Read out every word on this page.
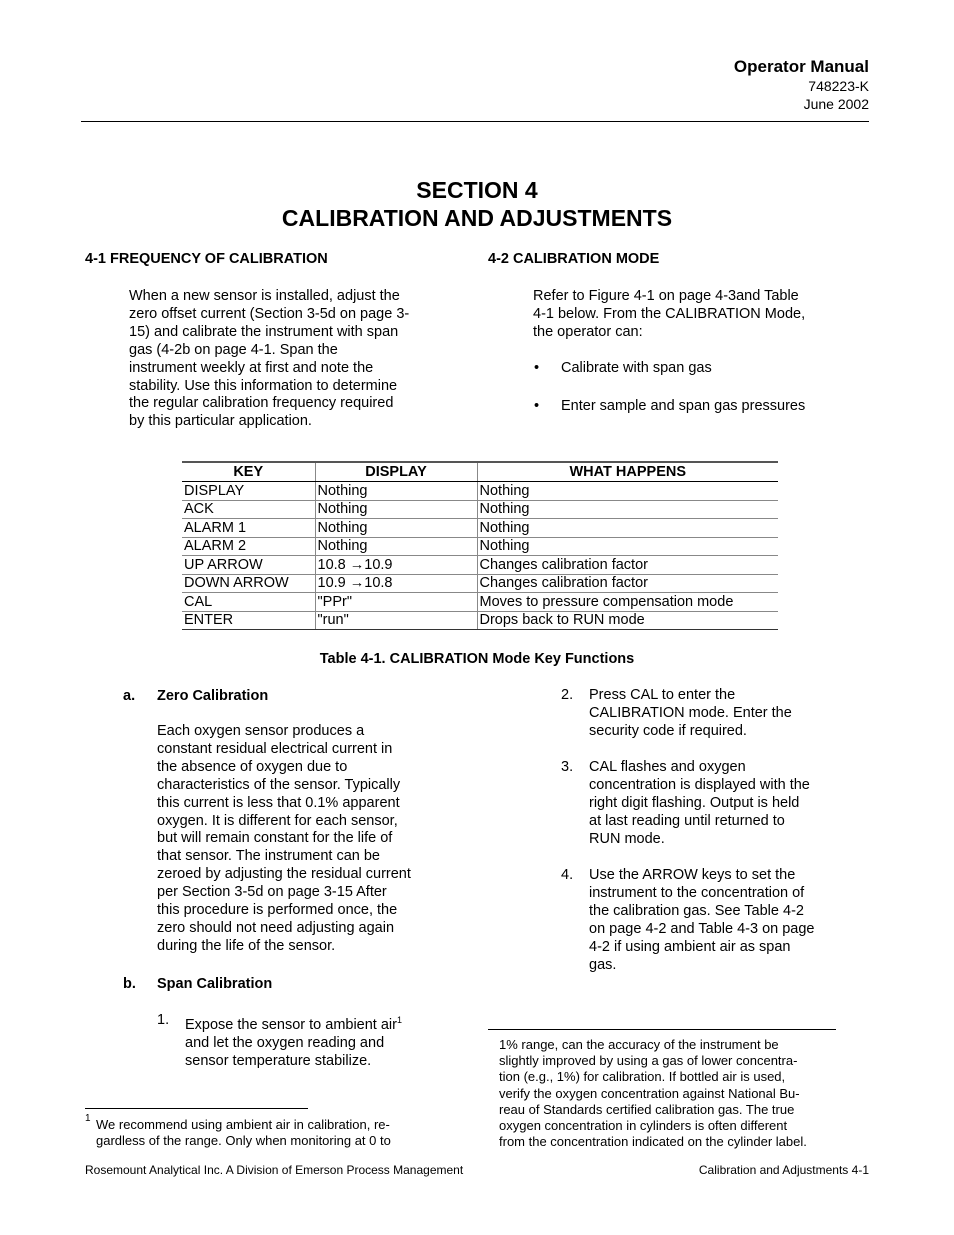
Operator Manual
748223-K
June 2002
SECTION 4
CALIBRATION AND ADJUSTMENTS
4-1 FREQUENCY OF CALIBRATION
When a new sensor is installed, adjust the
zero offset current (Section 3-5d on page 3-
15) and calibrate the instrument with span
gas (4-2b on page 4-1. Span the
instrument weekly at first and note the
stability. Use this information to determine
the regular calibration frequency required
by this particular application.
4-2 CALIBRATION MODE
Refer to Figure 4-1 on page 4-3and Table
4-1 below. From the CALIBRATION Mode,
the operator can:
• Calibrate with span gas
• Enter sample and span gas pressures
KEY	DISPLAY	WHAT HAPPENS
DISPLAY	Nothing	Nothing
ACK	Nothing	Nothing
ALARM 1	Nothing	Nothing
ALARM 2	Nothing	Nothing
UP ARROW	10.8 →10.9	Changes calibration factor
DOWN ARROW	10.9 →10.8	Changes calibration factor
CAL	"PPr"	Moves to pressure compensation mode
ENTER	"run"	Drops back to RUN mode
Table 4-1. CALIBRATION Mode Key Functions
a. Zero Calibration
Each oxygen sensor produces a
constant residual electrical current in
the absence of oxygen due to
characteristics of the sensor. Typically
this current is less that 0.1% apparent
oxygen. It is different for each sensor,
but will remain constant for the life of
that sensor. The instrument can be
zeroed by adjusting the residual current
per Section 3-5d on page 3-15 After
this procedure is performed once, the
zero should not need adjusting again
during the life of the sensor.
b. Span Calibration
1. Expose the sensor to ambient air$^1$
and let the oxygen reading and
sensor temperature stabilize.
2. Press CAL to enter the
CALIBRATION mode. Enter the
security code if required.
3. CAL flashes and oxygen
concentration is displayed with the
right digit flashing. Output is held
at last reading until returned to
RUN mode.
4. Use the ARROW keys to set the
instrument to the concentration of
the calibration gas. See Table 4-2
on page 4-2 and Table 4-3 on page
4-2 if using ambient air as span
gas.
1% range, can the accuracy of the instrument be
slightly improved by using a gas of lower concentra-
tion (e.g., 1%) for calibration. If bottled air is used,
verify the oxygen concentration against National Bu-
reau of Standards certified calibration gas. The true
oxygen concentration in cylinders is often different
from the concentration indicated on the cylinder label.
1 We recommend using ambient air in calibration, re-
gardless of the range. Only when monitoring at 0 to
Rosemount Analytical Inc. A Division of Emerson Process Management	Calibration and Adjustments 4-1
